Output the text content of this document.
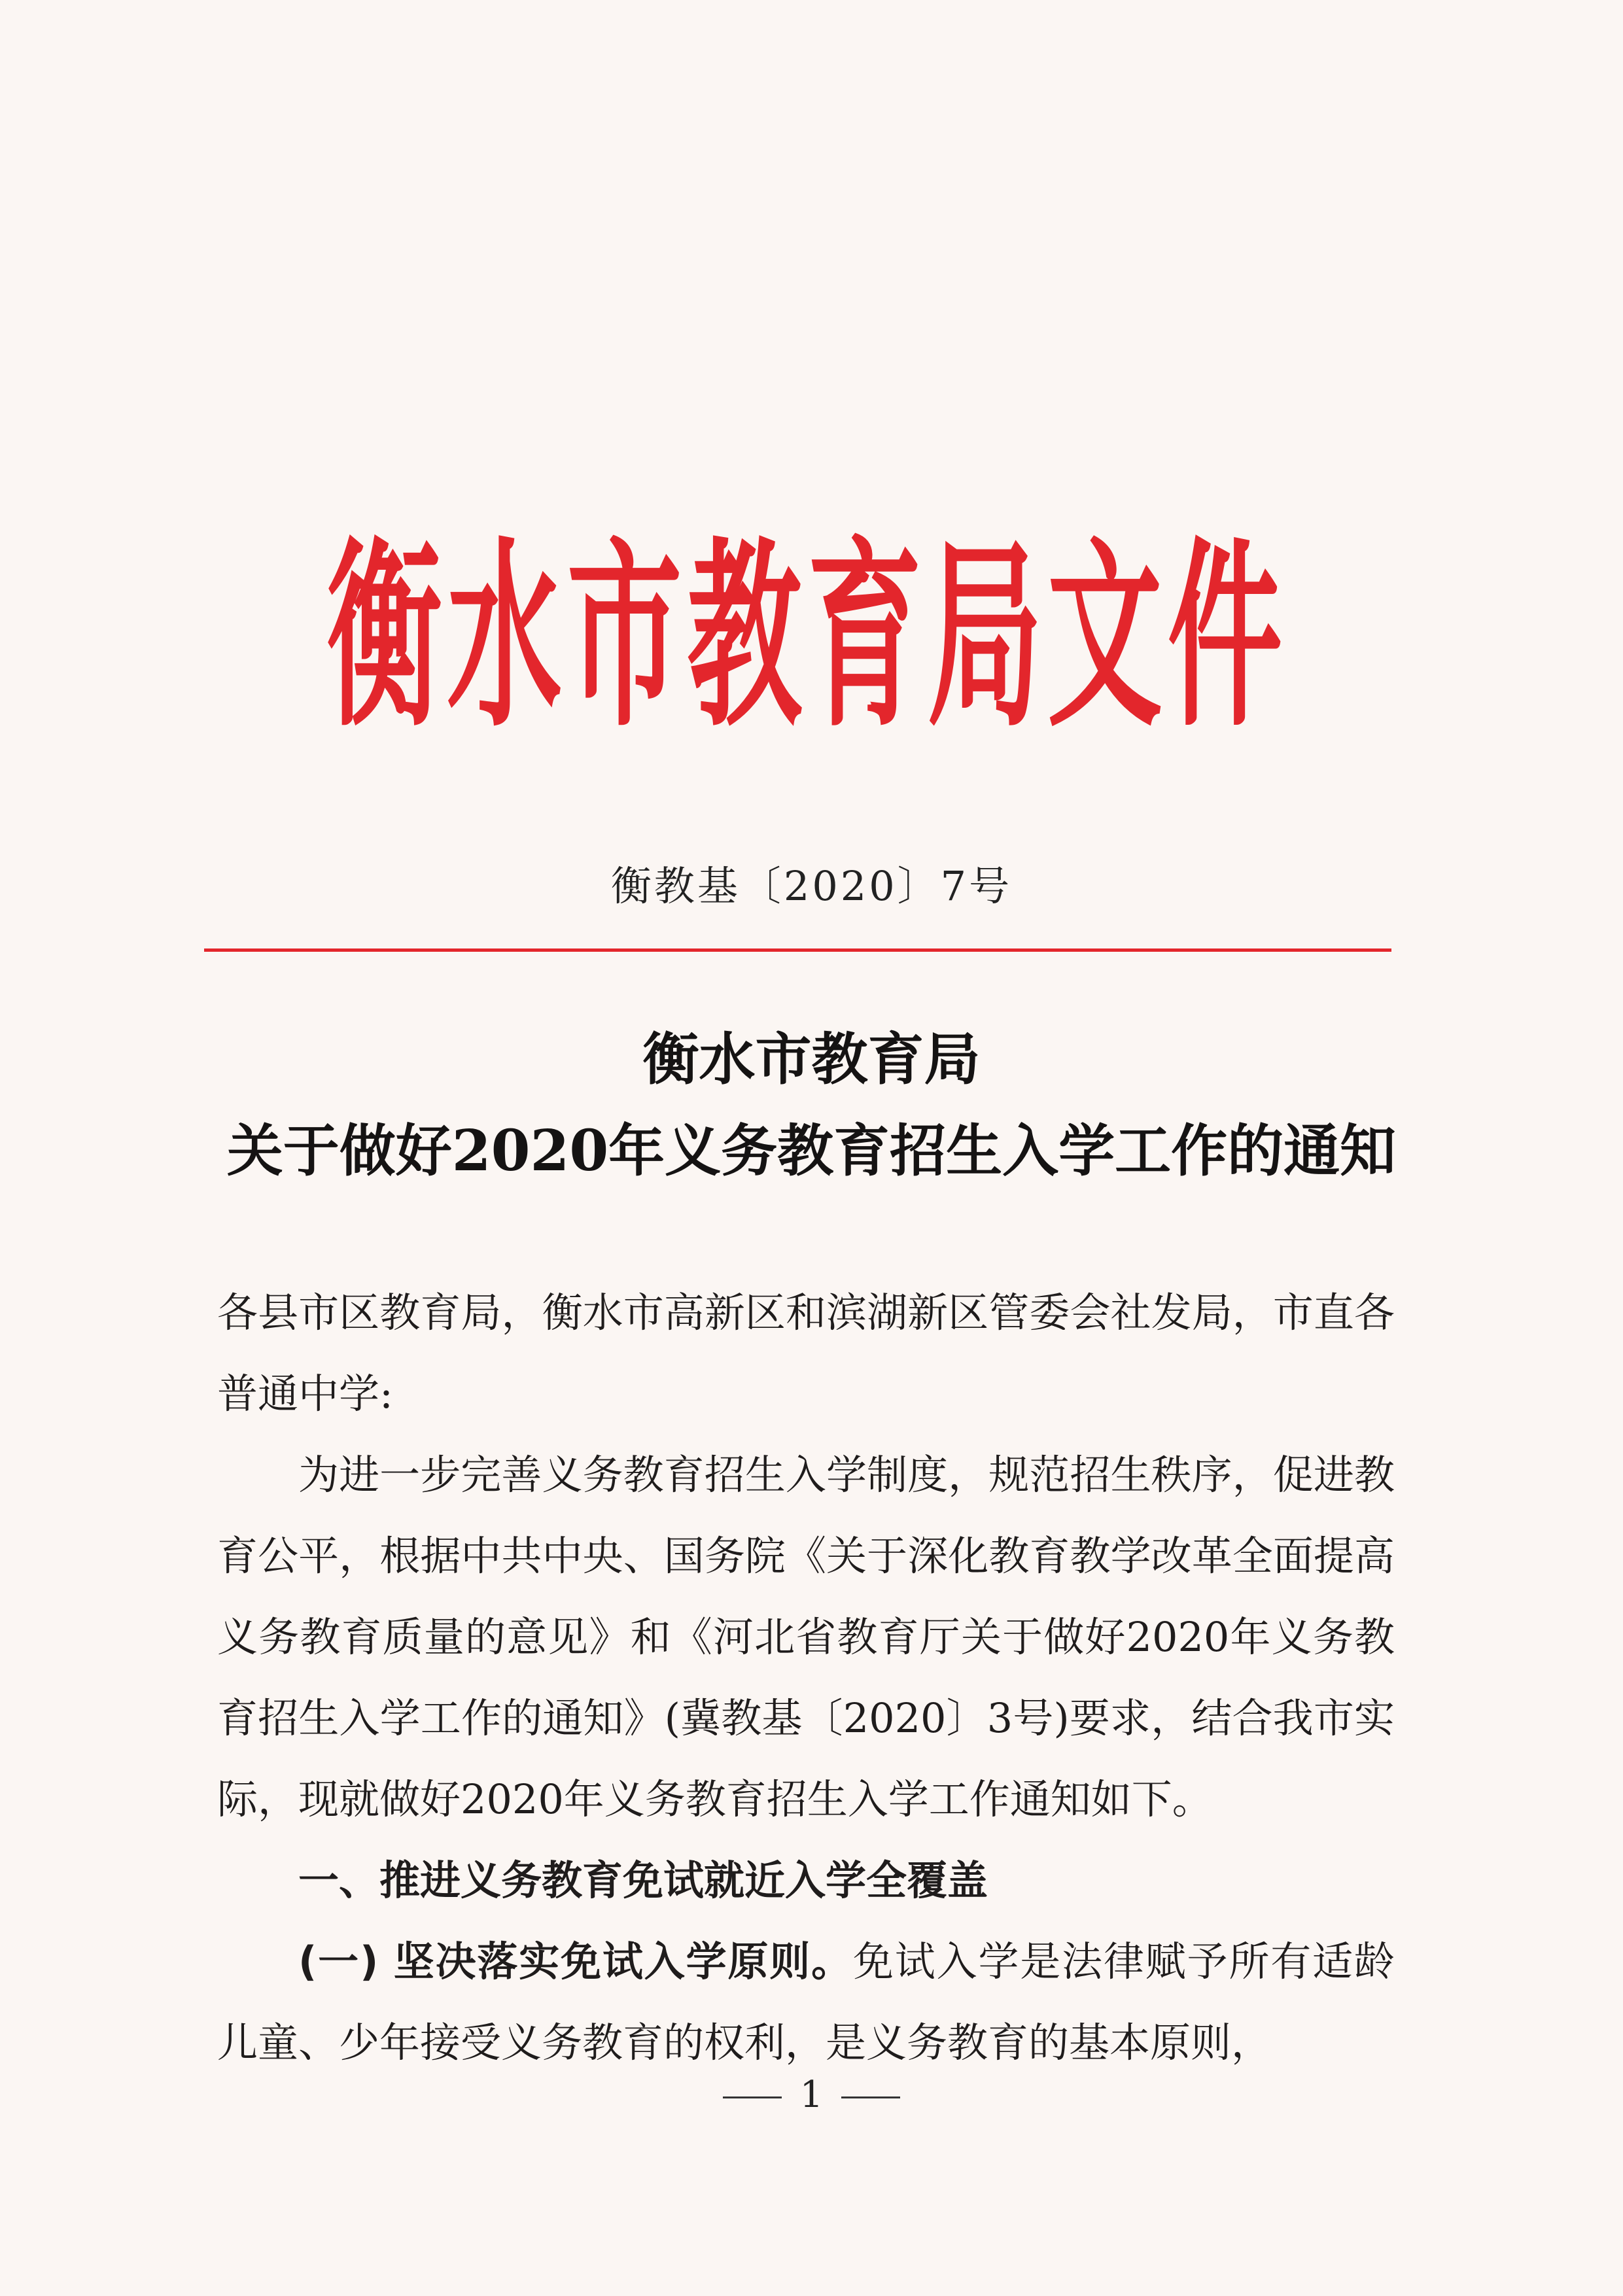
衡 水 市 教 育 局 文 件
衡教基〔2020〕7号
衡水市教育局
关于做好2020年义务教育招生入学工作的通知

各县市区教育局，衡水市高新区和滨湖新区管委会社发局，市直各普通中学:

为进一步完善义务教育招生入学制度，规范招生秩序，促进教育公平，根据中共中央、国务院《关于深化教育教学改革全面提高义务教育质量的意见》和《河北省教育厅关于做好2020年义务教育招生入学工作的通知》(冀教基〔2020〕3号)要求，结合我市实际，现就做好2020年义务教育招生入学工作通知如下。

一、推进义务教育免试就近入学全覆盖

(一) 坚决落实免试入学原则。免试入学是法律赋予所有适龄儿童、少年接受义务教育的权利，是义务教育的基本原则，

1
